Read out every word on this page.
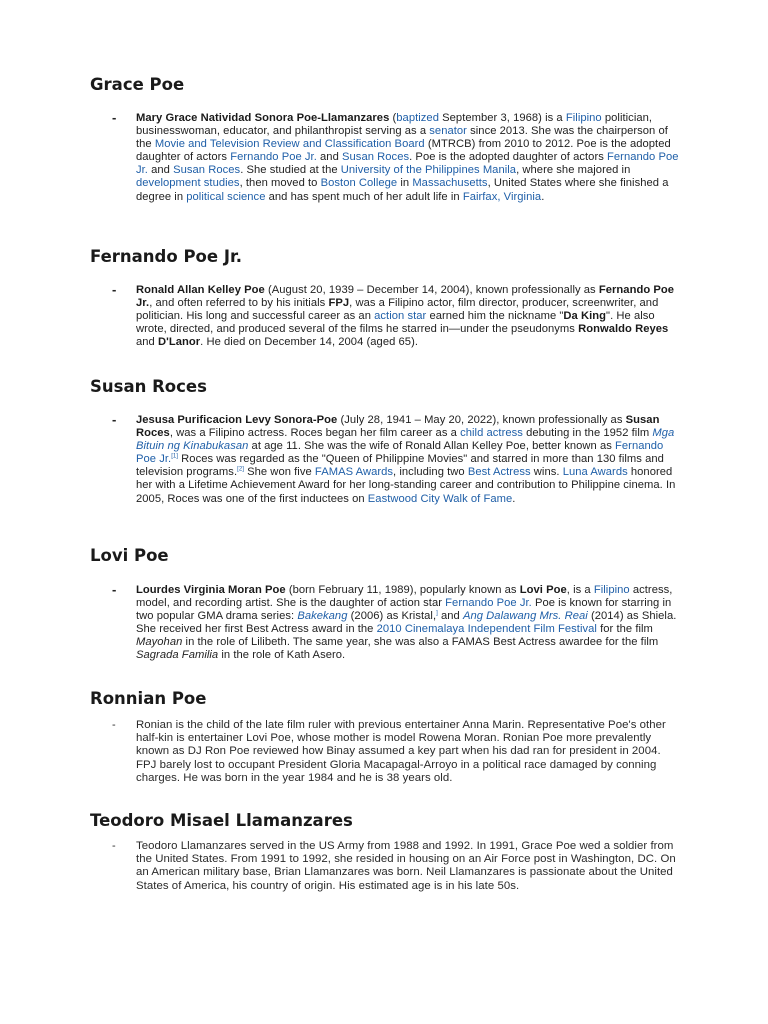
Grace Poe
- Mary Grace Natividad Sonora Poe-Llamanzares (baptized September 3, 1968) is a Filipino politician, businesswoman, educator, and philanthropist serving as a senator since 2013. She was the chairperson of the Movie and Television Review and Classification Board (MTRCB) from 2010 to 2012. Poe is the adopted daughter of actors Fernando Poe Jr. and Susan Roces. Poe is the adopted daughter of actors Fernando Poe Jr. and Susan Roces. She studied at the University of the Philippines Manila, where she majored in development studies, then moved to Boston College in Massachusetts, United States where she finished a degree in political science and has spent much of her adult life in Fairfax, Virginia.
Fernando Poe Jr.
- Ronald Allan Kelley Poe (August 20, 1939 – December 14, 2004), known professionally as Fernando Poe Jr., and often referred to by his initials FPJ, was a Filipino actor, film director, producer, screenwriter, and politician. His long and successful career as an action star earned him the nickname "Da King". He also wrote, directed, and produced several of the films he starred in—under the pseudonyms Ronwaldo Reyes and D'Lanor. He died on December 14, 2004 (aged 65).
Susan Roces
- Jesusa Purificacion Levy Sonora-Poe (July 28, 1941 – May 20, 2022), known professionally as Susan Roces, was a Filipino actress. Roces began her film career as a child actress debuting in the 1952 film Mga Bituin ng Kinabukasan at age 11. She was the wife of Ronald Allan Kelley Poe, better known as Fernando Poe Jr.[1] Roces was regarded as the "Queen of Philippine Movies" and starred in more than 130 films and television programs.[2] She won five FAMAS Awards, including two Best Actress wins. Luna Awards honored her with a Lifetime Achievement Award for her long-standing career and contribution to Philippine cinema. In 2005, Roces was one of the first inductees on Eastwood City Walk of Fame.
Lovi Poe
- Lourdes Virginia Moran Poe (born February 11, 1989), popularly known as Lovi Poe, is a Filipino actress, model, and recording artist. She is the daughter of action star Fernando Poe Jr. Poe is known for starring in two popular GMA drama series: Bakekang (2006) as Kristal,] and Ang Dalawang Mrs. Reai (2014) as Shiela. She received her first Best Actress award in the 2010 Cinemalaya Independent Film Festival for the film Mayohan in the role of Lilibeth. The same year, she was also a FAMAS Best Actress awardee for the film Sagrada Familia in the role of Kath Asero.
Ronnian Poe
- Ronian is the child of the late film ruler with previous entertainer Anna Marin. Representative Poe's other half-kin is entertainer Lovi Poe, whose mother is model Rowena Moran. Ronian Poe more prevalently known as DJ Ron Poe reviewed how Binay assumed a key part when his dad ran for president in 2004. FPJ barely lost to occupant President Gloria Macapagal-Arroyo in a political race damaged by conning charges. He was born in the year 1984 and he is 38 years old.
Teodoro Misael Llamanzares
- Teodoro Llamanzares served in the US Army from 1988 and 1992. In 1991, Grace Poe wed a soldier from the United States. From 1991 to 1992, she resided in housing on an Air Force post in Washington, DC. On an American military base, Brian Llamanzares was born. Neil Llamanzares is passionate about the United States of America, his country of origin. His estimated age is in his late 50s.
